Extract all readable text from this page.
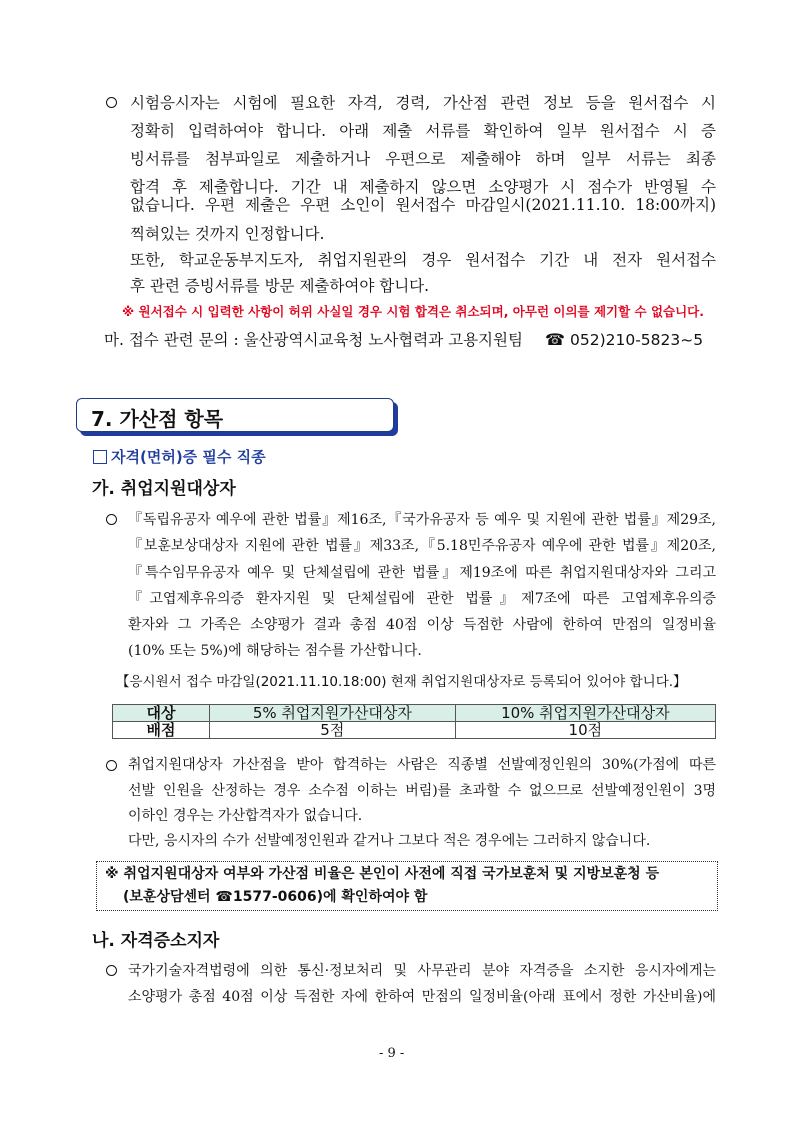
시험응시자는 시험에 필요한 자격, 경력, 가산점 관련 정보 등을 원서접수 시
정확히 입력하여야 합니다. 아래 제출 서류를 확인하여 일부 원서접수 시 증
빙서류를 첨부파일로 제출하거나 우편으로 제출해야 하며 일부 서류는 최종
합격 후 제출합니다. 기간 내 제출하지 않으면 소양평가 시 점수가 반영될 수
없습니다. 우편 제출은 우편 소인이 원서접수 마감일시(2021.11.10. 18:00까지)
찍혀있는 것까지 인정합니다.
또한, 학교운동부지도자, 취업지원관의 경우 원서접수 기간 내 전자 원서접수
후 관련 증빙서류를 방문 제출하여야 합니다.
※ 원서접수 시 입력한 사항이 허위 사실일 경우 시험 합격은 취소되며, 아무런 이의를 제기할 수 없습니다.
마. 접수 관련 문의 : 울산광역시교육청 노사협력과 고용지원팀 ☎ 052)210-5823~5
7. 가산점 항목
자격(면허)증 필수 직종
가. 취업지원대상자
『독립유공자 예우에 관한 법률』제16조,『국가유공자 등 예우 및 지원에 관한 법률』제29조,
『보훈보상대상자 지원에 관한 법률』제33조,『5.18민주유공자 예우에 관한 법률』제20조,
『특수임무유공자 예우 및 단체설립에 관한 법률』제19조에 따른 취업지원대상자와 그리고
『고엽제후유의증 환자지원 및 단체설립에 관한 법률』제7조에 따른 고엽제후유의증
환자와 그 가족은 소양평가 결과 총점 40점 이상 득점한 사람에 한하여 만점의 일정비율
(10% 또는 5%)에 해당하는 점수를 가산합니다.
【응시원서 접수 마감일(2021.11.10.18:00) 현재 취업지원대상자로 등록되어 있어야 합니다.】
대상	5% 취업지원가산대상자	10% 취업지원가산대상자
배점	5점	10점
취업지원대상자 가산점을 받아 합격하는 사람은 직종별 선발예정인원의 30%(가점에 따른
선발 인원을 산정하는 경우 소수점 이하는 버림)를 초과할 수 없으므로 선발예정인원이 3명
이하인 경우는 가산합격자가 없습니다.
다만, 응시자의 수가 선발예정인원과 같거나 그보다 적은 경우에는 그러하지 않습니다.
※ 취업지원대상자 여부와 가산점 비율은 본인이 사전에 직접 국가보훈처 및 지방보훈청 등
(보훈상담센터 ☎1577-0606)에 확인하여야 함
나. 자격증소지자
국가기술자격법령에 의한 통신·정보처리 및 사무관리 분야 자격증을 소지한 응시자에게는
소양평가 총점 40점 이상 득점한 자에 한하여 만점의 일정비율(아래 표에서 정한 가산비율)에
- 9 -
